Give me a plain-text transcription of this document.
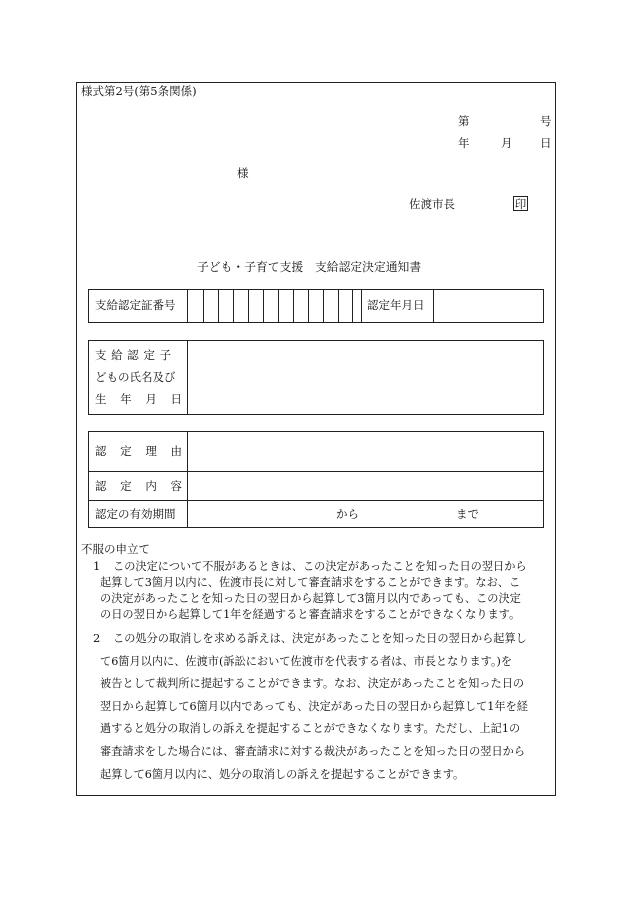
様式第2号(第5条関係)
第	号
年	月 日
様
佐渡市長	印
子ども・子育て支援　支給認定決定通知書
支給認定証番号	認定年月日
支 給 認 定 子
どもの氏名及び
生 年 月 日
認 定 理 由
認 定 内 容
認定の有効期間	から	まで
不服の申立て
1	この決定について不服があるときは、この決定があったことを知った日の翌日から
起算して3箇月以内に、佐渡市長に対して審査請求をすることができます。なお、こ
の決定があったことを知った日の翌日から起算して3箇月以内であっても、この決定
の日の翌日から起算して1年を経過すると審査請求をすることができなくなります。
2	この処分の取消しを求める訴えは、決定があったことを知った日の翌日から起算し
て6箇月以内に、佐渡市(訴訟において佐渡市を代表する者は、市長となります。)を
被告として裁判所に提起することができます。なお、決定があったことを知った日の
翌日から起算して6箇月以内であっても、決定があった日の翌日から起算して1年を経
過すると処分の取消しの訴えを提起することができなくなります。ただし、上記1の
審査請求をした場合には、審査請求に対する裁決があったことを知った日の翌日から
起算して6箇月以内に、処分の取消しの訴えを提起することができます。
